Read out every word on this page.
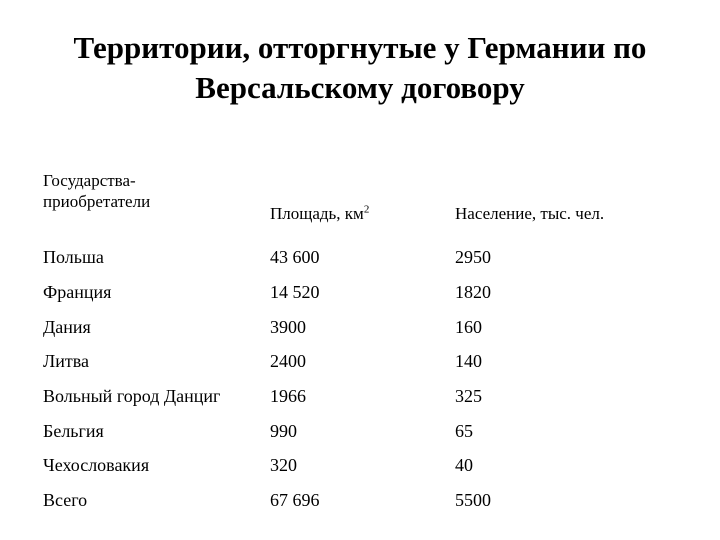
Территории, отторгнутые у Германии по
Версальскому договору
Государства-
приобретатели	Площадь, $км^2$	Население, тыс. чел.
Польша	43 600	2950
Франция	14 520	1820
Дания	3900	160
Литва	2400	140
Вольный город Данциг	1966	325
Бельгия	990	65
Чехословакия	320	40
Всего	67 696	5500
